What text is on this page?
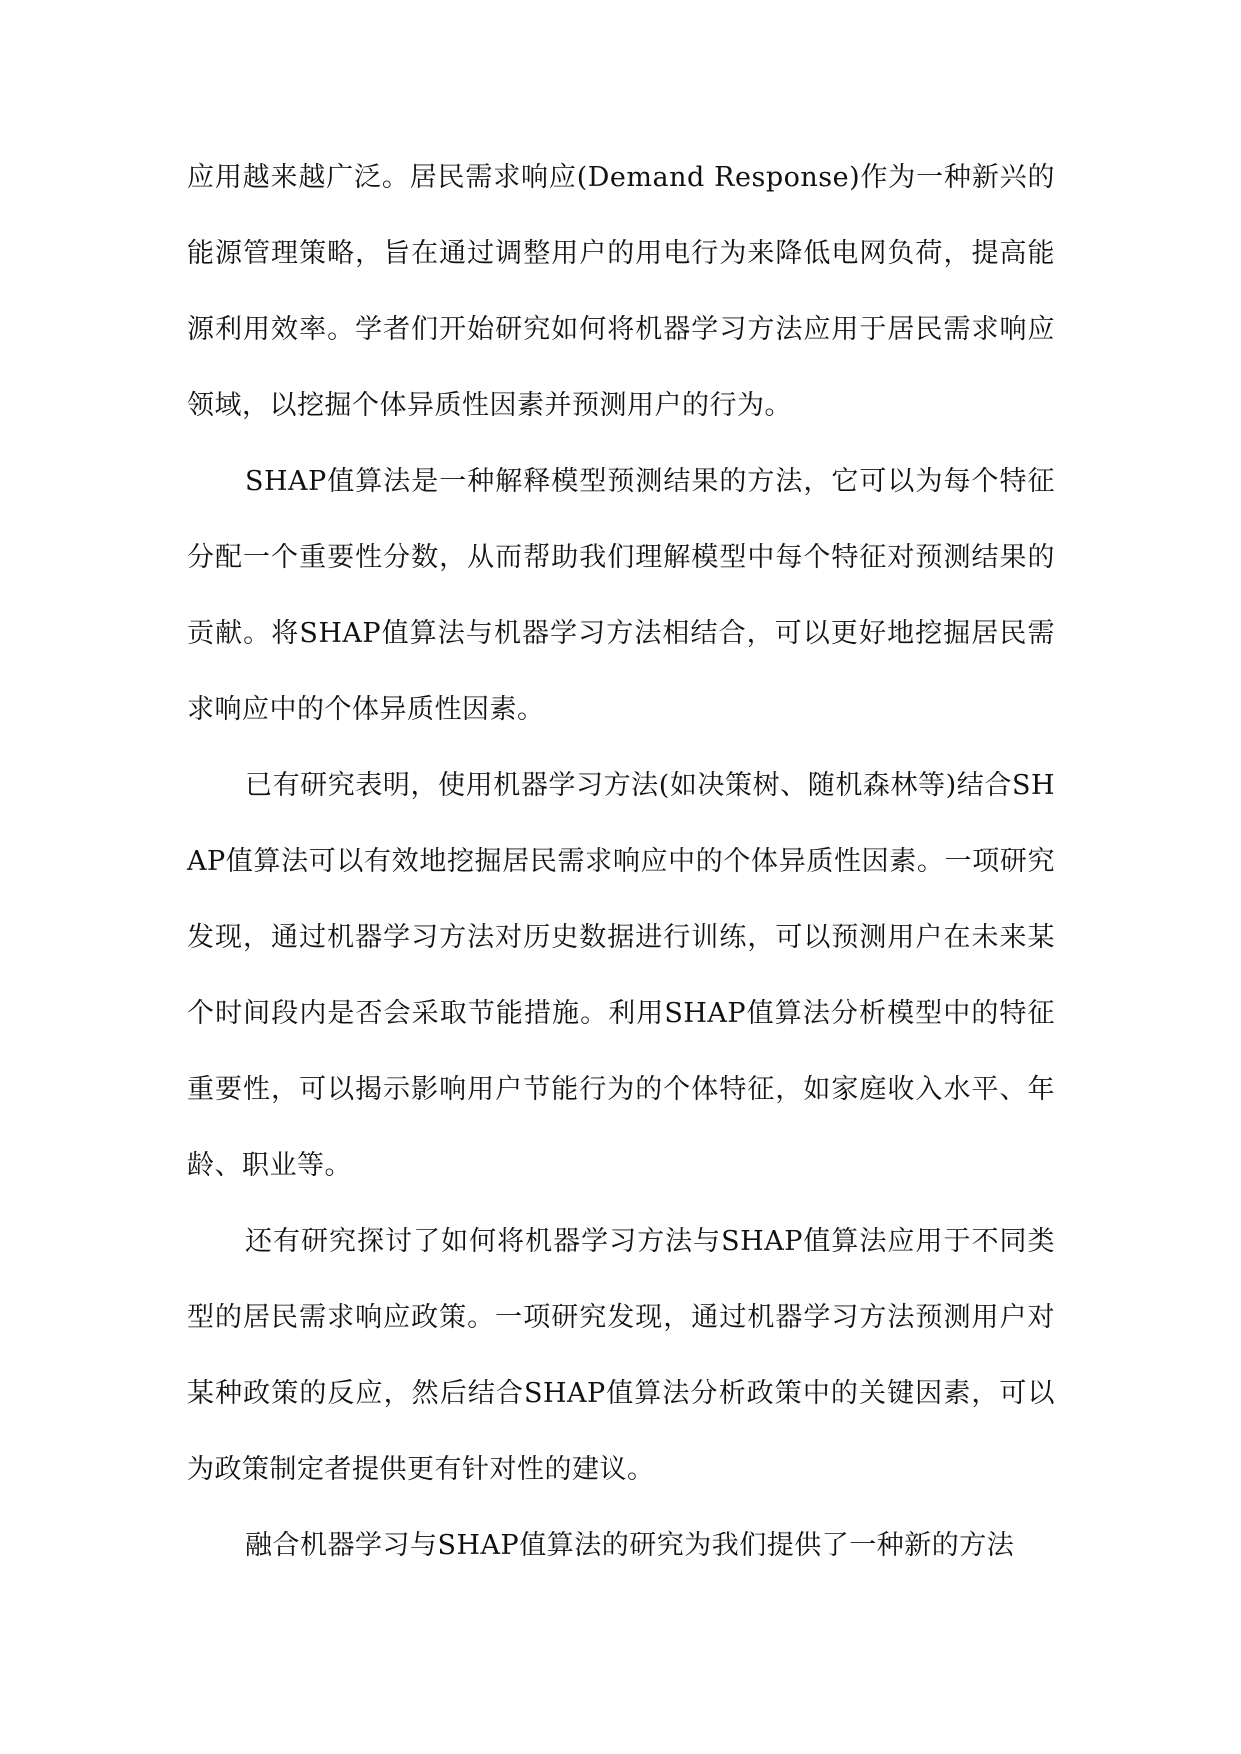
应用越来越广泛。居民需求响应(Demand Response)作为一种新兴的能源管理策略，旨在通过调整用户的用电行为来降低电网负荷，提高能源利用效率。学者们开始研究如何将机器学习方法应用于居民需求响应领域，以挖掘个体异质性因素并预测用户的行为。

SHAP值算法是一种解释模型预测结果的方法，它可以为每个特征分配一个重要性分数，从而帮助我们理解模型中每个特征对预测结果的贡献。将SHAP值算法与机器学习方法相结合，可以更好地挖掘居民需求响应中的个体异质性因素。

已有研究表明，使用机器学习方法(如决策树、随机森林等)结合SHAP值算法可以有效地挖掘居民需求响应中的个体异质性因素。一项研究发现，通过机器学习方法对历史数据进行训练，可以预测用户在未来某个时间段内是否会采取节能措施。利用SHAP值算法分析模型中的特征重要性，可以揭示影响用户节能行为的个体特征，如家庭收入水平、年龄、职业等。

还有研究探讨了如何将机器学习方法与SHAP值算法应用于不同类型的居民需求响应政策。一项研究发现，通过机器学习方法预测用户对某种政策的反应，然后结合SHAP值算法分析政策中的关键因素，可以为政策制定者提供更有针对性的建议。

融合机器学习与SHAP值算法的研究为我们提供了一种新的方法
